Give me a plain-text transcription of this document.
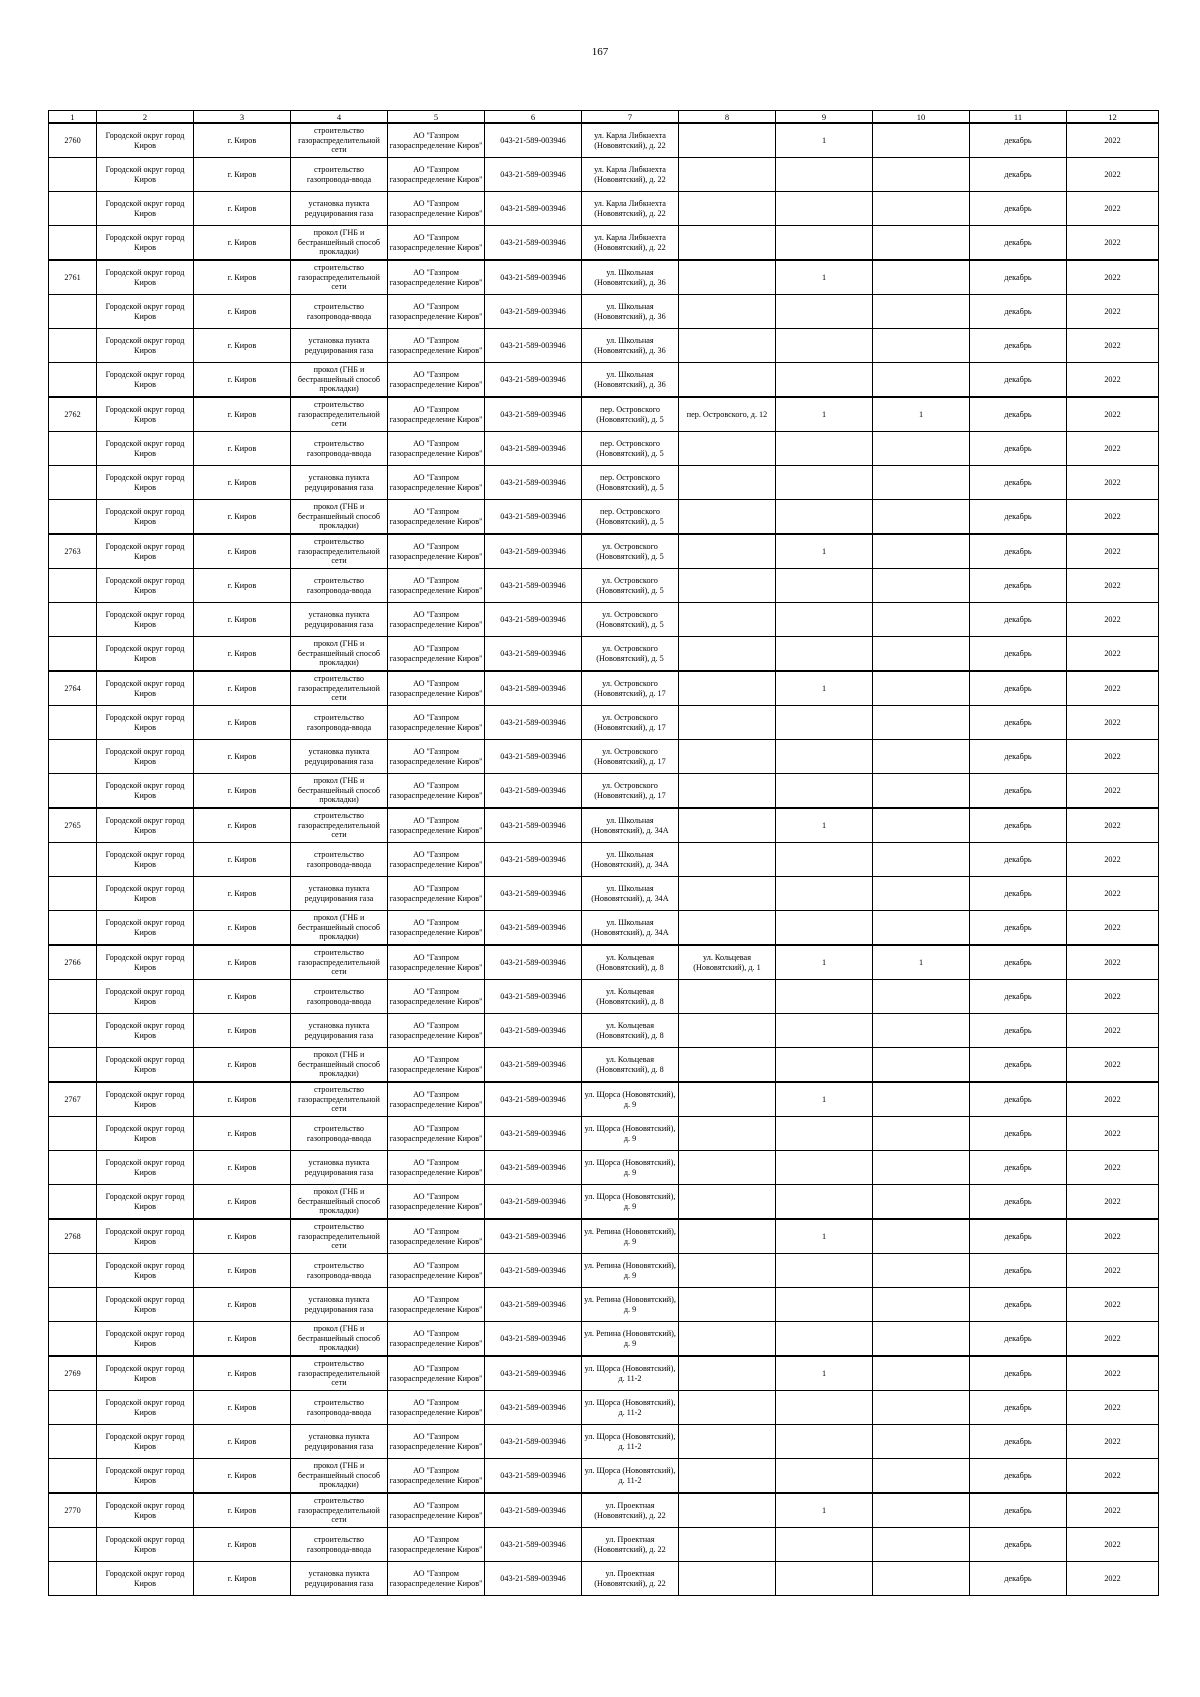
167
1	2	3	4	5	6	7	8	9	10	11	12
2760	Городской округ город Киров	г. Киров	строительство газораспределительной сети	АО "Газпром газораспределение Киров"	043-21-589-003946	ул. Карла Либкнехта (Нововятский), д. 22		1		декабрь	2022
	Городской округ город Киров	г. Киров	строительство газопровода-ввода	АО "Газпром газораспределение Киров"	043-21-589-003946	ул. Карла Либкнехта (Нововятский), д. 22				декабрь	2022
	Городской округ город Киров	г. Киров	установка пункта редуцирования газа	АО "Газпром газораспределение Киров"	043-21-589-003946	ул. Карла Либкнехта (Нововятский), д. 22				декабрь	2022
	Городской округ город Киров	г. Киров	прокол (ГНБ и бестраншейный способ прокладки)	АО "Газпром газораспределение Киров"	043-21-589-003946	ул. Карла Либкнехта (Нововятский), д. 22				декабрь	2022
2761	Городской округ город Киров	г. Киров	строительство газораспределительной сети	АО "Газпром газораспределение Киров"	043-21-589-003946	ул. Школьная (Нововятский), д. 36		1		декабрь	2022
	Городской округ город Киров	г. Киров	строительство газопровода-ввода	АО "Газпром газораспределение Киров"	043-21-589-003946	ул. Школьная (Нововятский), д. 36				декабрь	2022
	Городской округ город Киров	г. Киров	установка пункта редуцирования газа	АО "Газпром газораспределение Киров"	043-21-589-003946	ул. Школьная (Нововятский), д. 36				декабрь	2022
	Городской округ город Киров	г. Киров	прокол (ГНБ и бестраншейный способ прокладки)	АО "Газпром газораспределение Киров"	043-21-589-003946	ул. Школьная (Нововятский), д. 36				декабрь	2022
2762	Городской округ город Киров	г. Киров	строительство газораспределительной сети	АО "Газпром газораспределение Киров"	043-21-589-003946	пер. Островского (Нововятский), д. 5	пер. Островского, д. 12	1	1	декабрь	2022
	Городской округ город Киров	г. Киров	строительство газопровода-ввода	АО "Газпром газораспределение Киров"	043-21-589-003946	пер. Островского (Нововятский), д. 5				декабрь	2022
	Городской округ город Киров	г. Киров	установка пункта редуцирования газа	АО "Газпром газораспределение Киров"	043-21-589-003946	пер. Островского (Нововятский), д. 5				декабрь	2022
	Городской округ город Киров	г. Киров	прокол (ГНБ и бестраншейный способ прокладки)	АО "Газпром газораспределение Киров"	043-21-589-003946	пер. Островского (Нововятский), д. 5				декабрь	2022
2763	Городской округ город Киров	г. Киров	строительство газораспределительной сети	АО "Газпром газораспределение Киров"	043-21-589-003946	ул. Островского (Нововятский), д. 5		1		декабрь	2022
	Городской округ город Киров	г. Киров	строительство газопровода-ввода	АО "Газпром газораспределение Киров"	043-21-589-003946	ул. Островского (Нововятский), д. 5				декабрь	2022
	Городской округ город Киров	г. Киров	установка пункта редуцирования газа	АО "Газпром газораспределение Киров"	043-21-589-003946	ул. Островского (Нововятский), д. 5				декабрь	2022
	Городской округ город Киров	г. Киров	прокол (ГНБ и бестраншейный способ прокладки)	АО "Газпром газораспределение Киров"	043-21-589-003946	ул. Островского (Нововятский), д. 5				декабрь	2022
2764	Городской округ город Киров	г. Киров	строительство газораспределительной сети	АО "Газпром газораспределение Киров"	043-21-589-003946	ул. Островского (Нововятский), д. 17		1		декабрь	2022
	Городской округ город Киров	г. Киров	строительство газопровода-ввода	АО "Газпром газораспределение Киров"	043-21-589-003946	ул. Островского (Нововятский), д. 17				декабрь	2022
	Городской округ город Киров	г. Киров	установка пункта редуцирования газа	АО "Газпром газораспределение Киров"	043-21-589-003946	ул. Островского (Нововятский), д. 17				декабрь	2022
	Городской округ город Киров	г. Киров	прокол (ГНБ и бестраншейный способ прокладки)	АО "Газпром газораспределение Киров"	043-21-589-003946	ул. Островского (Нововятский), д. 17				декабрь	2022
2765	Городской округ город Киров	г. Киров	строительство газораспределительной сети	АО "Газпром газораспределение Киров"	043-21-589-003946	ул. Школьная (Нововятский), д. 34А		1		декабрь	2022
	Городской округ город Киров	г. Киров	строительство газопровода-ввода	АО "Газпром газораспределение Киров"	043-21-589-003946	ул. Школьная (Нововятский), д. 34А				декабрь	2022
	Городской округ город Киров	г. Киров	установка пункта редуцирования газа	АО "Газпром газораспределение Киров"	043-21-589-003946	ул. Школьная (Нововятский), д. 34А				декабрь	2022
	Городской округ город Киров	г. Киров	прокол (ГНБ и бестраншейный способ прокладки)	АО "Газпром газораспределение Киров"	043-21-589-003946	ул. Школьная (Нововятский), д. 34А				декабрь	2022
2766	Городской округ город Киров	г. Киров	строительство газораспределительной сети	АО "Газпром газораспределение Киров"	043-21-589-003946	ул. Кольцевая (Нововятский), д. 8	ул. Кольцевая (Нововятский), д. 1	1	1	декабрь	2022
	Городской округ город Киров	г. Киров	строительство газопровода-ввода	АО "Газпром газораспределение Киров"	043-21-589-003946	ул. Кольцевая (Нововятский), д. 8				декабрь	2022
	Городской округ город Киров	г. Киров	установка пункта редуцирования газа	АО "Газпром газораспределение Киров"	043-21-589-003946	ул. Кольцевая (Нововятский), д. 8				декабрь	2022
	Городской округ город Киров	г. Киров	прокол (ГНБ и бестраншейный способ прокладки)	АО "Газпром газораспределение Киров"	043-21-589-003946	ул. Кольцевая (Нововятский), д. 8				декабрь	2022
2767	Городской округ город Киров	г. Киров	строительство газораспределительной сети	АО "Газпром газораспределение Киров"	043-21-589-003946	ул. Щорса (Нововятский), д. 9		1		декабрь	2022
	Городской округ город Киров	г. Киров	строительство газопровода-ввода	АО "Газпром газораспределение Киров"	043-21-589-003946	ул. Щорса (Нововятский), д. 9				декабрь	2022
	Городской округ город Киров	г. Киров	установка пункта редуцирования газа	АО "Газпром газораспределение Киров"	043-21-589-003946	ул. Щорса (Нововятский), д. 9				декабрь	2022
	Городской округ город Киров	г. Киров	прокол (ГНБ и бестраншейный способ прокладки)	АО "Газпром газораспределение Киров"	043-21-589-003946	ул. Щорса (Нововятский), д. 9				декабрь	2022
2768	Городской округ город Киров	г. Киров	строительство газораспределительной сети	АО "Газпром газораспределение Киров"	043-21-589-003946	ул. Репина (Нововятский), д. 9		1		декабрь	2022
	Городской округ город Киров	г. Киров	строительство газопровода-ввода	АО "Газпром газораспределение Киров"	043-21-589-003946	ул. Репина (Нововятский), д. 9				декабрь	2022
	Городской округ город Киров	г. Киров	установка пункта редуцирования газа	АО "Газпром газораспределение Киров"	043-21-589-003946	ул. Репина (Нововятский), д. 9				декабрь	2022
	Городской округ город Киров	г. Киров	прокол (ГНБ и бестраншейный способ прокладки)	АО "Газпром газораспределение Киров"	043-21-589-003946	ул. Репина (Нововятский), д. 9				декабрь	2022
2769	Городской округ город Киров	г. Киров	строительство газораспределительной сети	АО "Газпром газораспределение Киров"	043-21-589-003946	ул. Щорса (Нововятский), д. 11-2		1		декабрь	2022
	Городской округ город Киров	г. Киров	строительство газопровода-ввода	АО "Газпром газораспределение Киров"	043-21-589-003946	ул. Щорса (Нововятский), д. 11-2				декабрь	2022
	Городской округ город Киров	г. Киров	установка пункта редуцирования газа	АО "Газпром газораспределение Киров"	043-21-589-003946	ул. Щорса (Нововятский), д. 11-2				декабрь	2022
	Городской округ город Киров	г. Киров	прокол (ГНБ и бестраншейный способ прокладки)	АО "Газпром газораспределение Киров"	043-21-589-003946	ул. Щорса (Нововятский), д. 11-2				декабрь	2022
2770	Городской округ город Киров	г. Киров	строительство газораспределительной сети	АО "Газпром газораспределение Киров"	043-21-589-003946	ул. Проектная (Нововятский), д. 22		1		декабрь	2022
	Городской округ город Киров	г. Киров	строительство газопровода-ввода	АО "Газпром газораспределение Киров"	043-21-589-003946	ул. Проектная (Нововятский), д. 22				декабрь	2022
	Городской округ город Киров	г. Киров	установка пункта редуцирования газа	АО "Газпром газораспределение Киров"	043-21-589-003946	ул. Проектная (Нововятский), д. 22				декабрь	2022
